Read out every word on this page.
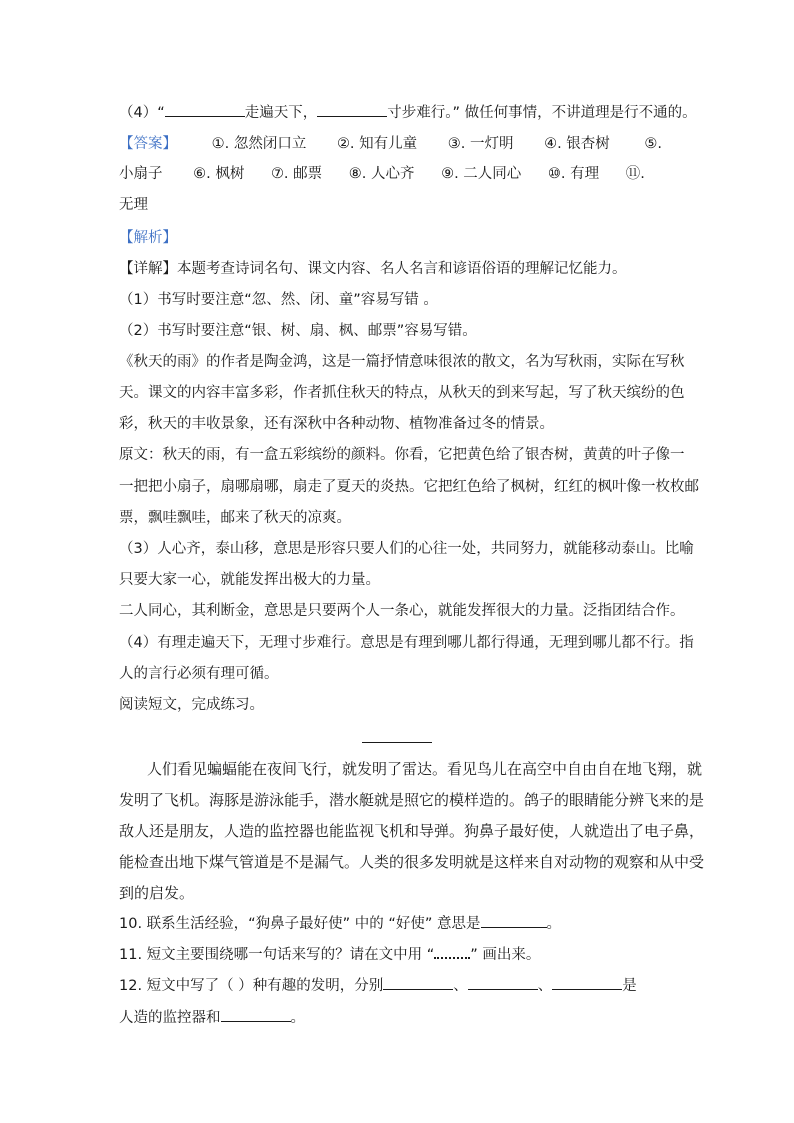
（4）“	走遍天下，	寸步难行。” 做任何事情，不讲道理是行不通的。
【答案】 ①. 忽然闭口立 ②. 知有儿童 ③. 一灯明 ④. 银杏树 ⑤.
小扇子 ⑥. 枫树 ⑦. 邮票 ⑧. 人心齐 ⑨. 二人同心 ⑩. 有理 ⑪.
无理
【解析】
【详解】本题考查诗词名句、课文内容、名人名言和谚语俗语的理解记忆能力。
（1）书写时要注意“忽、然、闭、童”容易写错 。
（2）书写时要注意“银、树、扇、枫、邮票”容易写错。
《秋天的雨》的作者是陶金鸿，这是一篇抒情意味很浓的散文，名为写秋雨，实际在写秋
天。课文的内容丰富多彩，作者抓住秋天的特点，从秋天的到来写起，写了秋天缤纷的色
彩，秋天的丰收景象，还有深秋中各种动物、植物准备过冬的情景。
原文：秋天的雨，有一盒五彩缤纷的颜料。你看，它把黄色给了银杏树，黄黄的叶子像一
一把把小扇子，扇哪扇哪，扇走了夏天的炎热。它把红色给了枫树，红红的枫叶像一枚枚邮
票，飘哇飘哇，邮来了秋天的凉爽。
（3）人心齐，泰山移，意思是形容只要人们的心往一处，共同努力，就能移动泰山。比喻
只要大家一心，就能发挥出极大的力量。
二人同心，其利断金，意思是只要两个人一条心，就能发挥很大的力量。泛指团结合作。
（4）有理走遍天下，无理寸步难行。意思是有理到哪儿都行得通，无理到哪儿都不行。指
人的言行必须有理可循。
阅读短文，完成练习。
人们看见蝙蝠能在夜间飞行，就发明了雷达。看见鸟儿在高空中自由自在地飞翔，就
发明了飞机。海豚是游泳能手，潜水艇就是照它的模样造的。鸽子的眼睛能分辨飞来的是
敌人还是朋友，人造的监控器也能监视飞机和导弹。狗鼻子最好使，人就造出了电子鼻，
能检查出地下煤气管道是不是漏气。人类的很多发明就是这样来自对动物的观察和从中受
到的启发。
10. 联系生活经验，“狗鼻子最好使” 中的 “好使” 意思是	。
11. 短文主要围绕哪一句话来写的？请在文中用 “ ” 画出来。
12. 短文中写了（ ）种有趣的发明，分别	、	、	是
人造的监控器和	。
